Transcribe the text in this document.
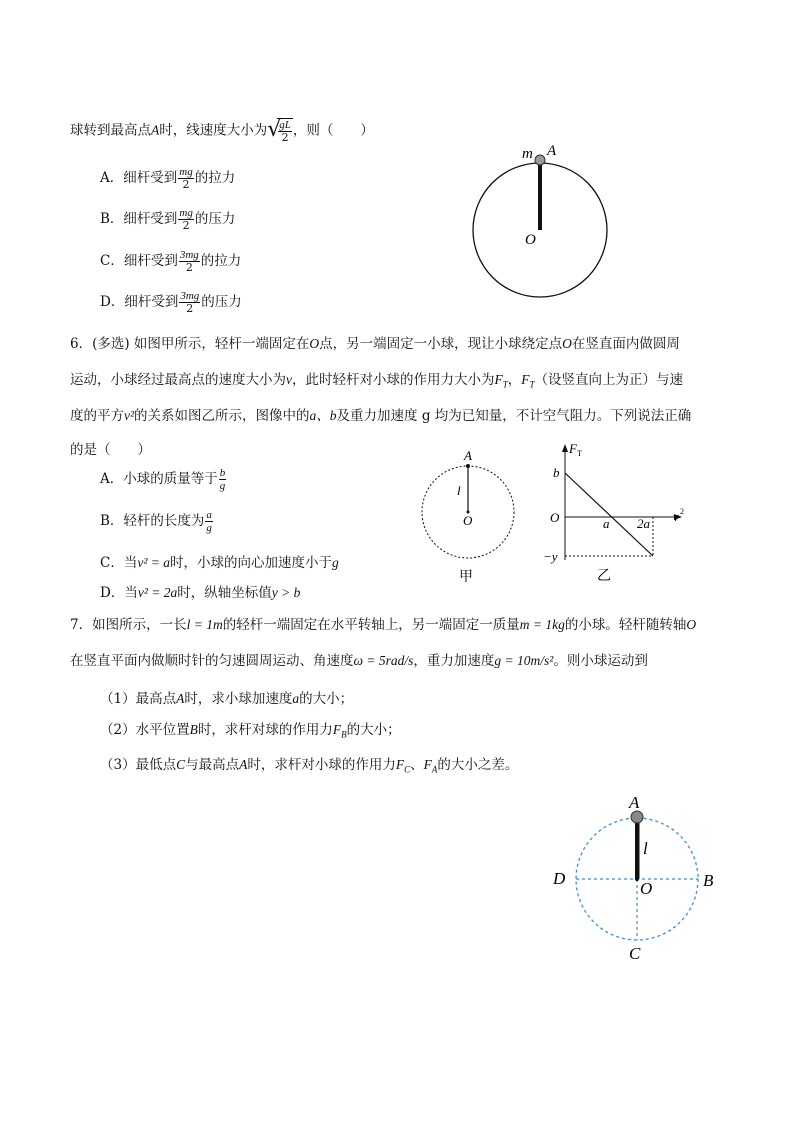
球转到最高点A时，线速度大小为 √
$\frac{gL}{2}$ ，则（　　）
A．细杆受到 $\frac{mg}{2}$ 的拉力
B．细杆受到 $\frac{mg}{2}$ 的压力
C．细杆受到 $\frac{3mg}{2}$ 的拉力
D．细杆受到 $\frac{3mg}{2}$ 的压力
m A
O
6．(多选) 如图甲所示，轻杆一端固定在O点，另一端固定一小球，现让小球绕定点O在竖直面内做圆周
运动，小球经过最高点的速度大小为v，此时轻杆对小球的作用力大小为$F_T$，$F_T$（设竖直向上为正）与速
度的平方v²的关系如图乙所示，图像中的a、b及重力加速度 g 均为已知量，不计空气阻力。下列说法正确
的是（　　）
A．小球的质量等于 $\frac{b}{g}$
B．轻杆的长度为 $\frac{a}{g}$
C．当v² = a时，小球的向心加速度小于g
D．当v² = 2a时，纵轴坐标值y > b
A
l
O
甲
F T
b
O	a 2a v 2
−y
乙
7．如图所示，一长l = 1m的轻杆一端固定在水平转轴上，另一端固定一质量m = 1kg的小球。轻杆随转轴O
在竖直平面内做顺时针的匀速圆周运动、角速度ω = 5rad/s，重力加速度g = 10m/s²。则小球运动到
（1）最高点A时，求小球加速度a的大小；
（2）水平位置B时，求杆对球的作用力$F_B$的大小；
（3）最低点C与最高点A时，求杆对小球的作用力$F_C$、$F_A$的大小之差。
A
l
D
O	B
C
